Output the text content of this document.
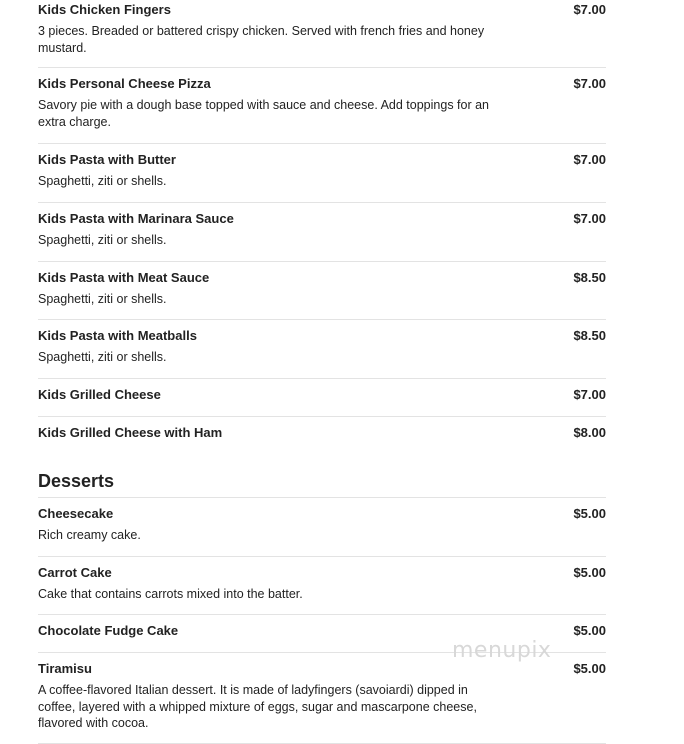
Kids Chicken Fingers	$7.00
3 pieces. Breaded or battered crispy chicken. Served with french fries and honey mustard.
Kids Personal Cheese Pizza	$7.00
Savory pie with a dough base topped with sauce and cheese. Add toppings for an extra charge.
Kids Pasta with Butter	$7.00
Spaghetti, ziti or shells.
Kids Pasta with Marinara Sauce	$7.00
Spaghetti, ziti or shells.
Kids Pasta with Meat Sauce	$8.50
Spaghetti, ziti or shells.
Kids Pasta with Meatballs	$8.50
Spaghetti, ziti or shells.
Kids Grilled Cheese	$7.00
Kids Grilled Cheese with Ham	$8.00
Desserts
Cheesecake	$5.00
Rich creamy cake.
Carrot Cake	$5.00
Cake that contains carrots mixed into the batter.
Chocolate Fudge Cake	$5.00
Tiramisu	$5.00
A coffee-flavored Italian dessert. It is made of ladyfingers (savoiardi) dipped in coffee, layered with a whipped mixture of eggs, sugar and mascarpone cheese, flavored with cocoa.
menupix
